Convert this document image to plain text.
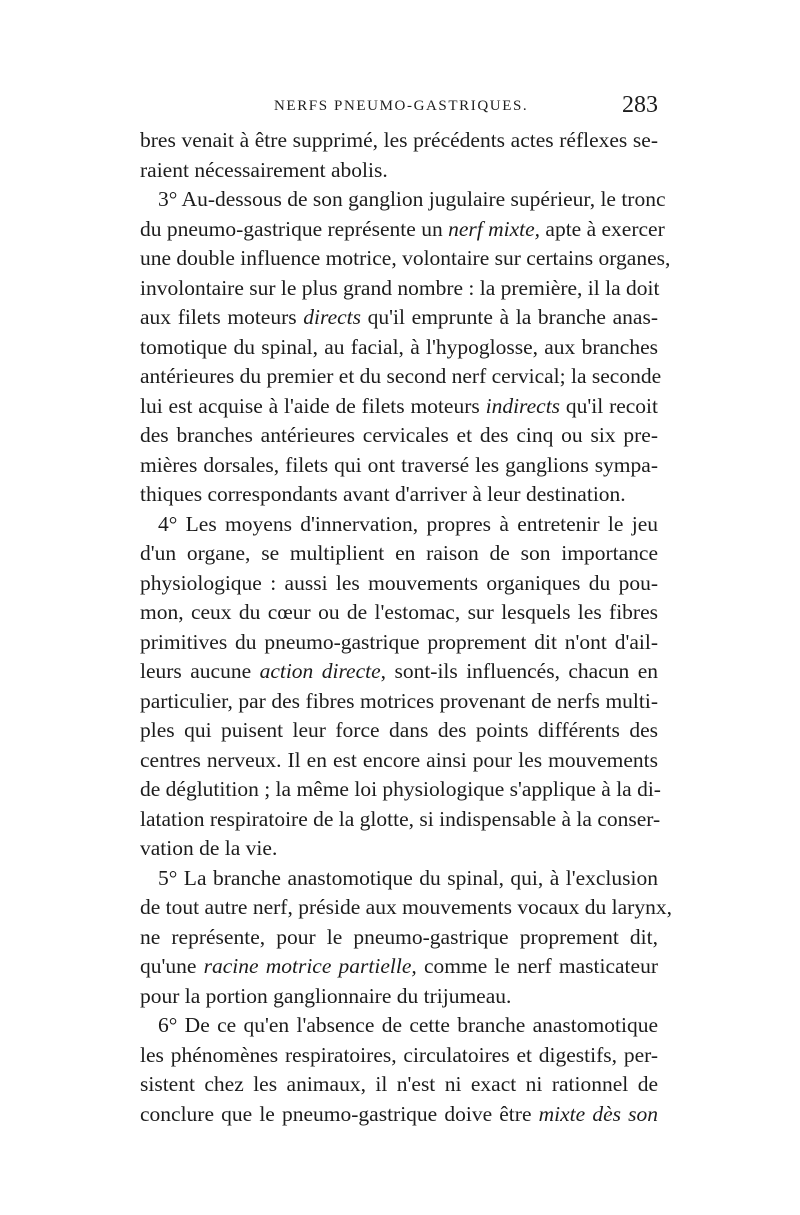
NERFS PNEUMO-GASTRIQUES.	283
bres venait à être supprimé, les précédents actes réflexes se-
raient nécessairement abolis.
3° Au-dessous de son ganglion jugulaire supérieur, le tronc
du pneumo-gastrique représente un nerf mixte, apte à exercer
une double influence motrice, volontaire sur certains organes,
involontaire sur le plus grand nombre : la première, il la doit
aux filets moteurs directs qu'il emprunte à la branche anas-
tomotique du spinal, au facial, à l'hypoglosse, aux branches
antérieures du premier et du second nerf cervical; la seconde
lui est acquise à l'aide de filets moteurs indirects qu'il recoit
des branches antérieures cervicales et des cinq ou six pre-
mières dorsales, filets qui ont traversé les ganglions sympa-
thiques correspondants avant d'arriver à leur destination.
4° Les moyens d'innervation, propres à entretenir le jeu
d'un organe, se multiplient en raison de son importance
physiologique : aussi les mouvements organiques du pou-
mon, ceux du cœur ou de l'estomac, sur lesquels les fibres
primitives du pneumo-gastrique proprement dit n'ont d'ail-
leurs aucune action directe, sont-ils influencés, chacun en
particulier, par des fibres motrices provenant de nerfs multi-
ples qui puisent leur force dans des points différents des
centres nerveux. Il en est encore ainsi pour les mouvements
de déglutition ; la même loi physiologique s'applique à la di-
latation respiratoire de la glotte, si indispensable à la conser-
vation de la vie.
5° La branche anastomotique du spinal, qui, à l'exclusion
de tout autre nerf, préside aux mouvements vocaux du larynx,
ne représente, pour le pneumo-gastrique proprement dit,
qu'une racine motrice partielle, comme le nerf masticateur
pour la portion ganglionnaire du trijumeau.
6° De ce qu'en l'absence de cette branche anastomotique
les phénomènes respiratoires, circulatoires et digestifs, per-
sistent chez les animaux, il n'est ni exact ni rationnel de
conclure que le pneumo-gastrique doive être mixte dès son
